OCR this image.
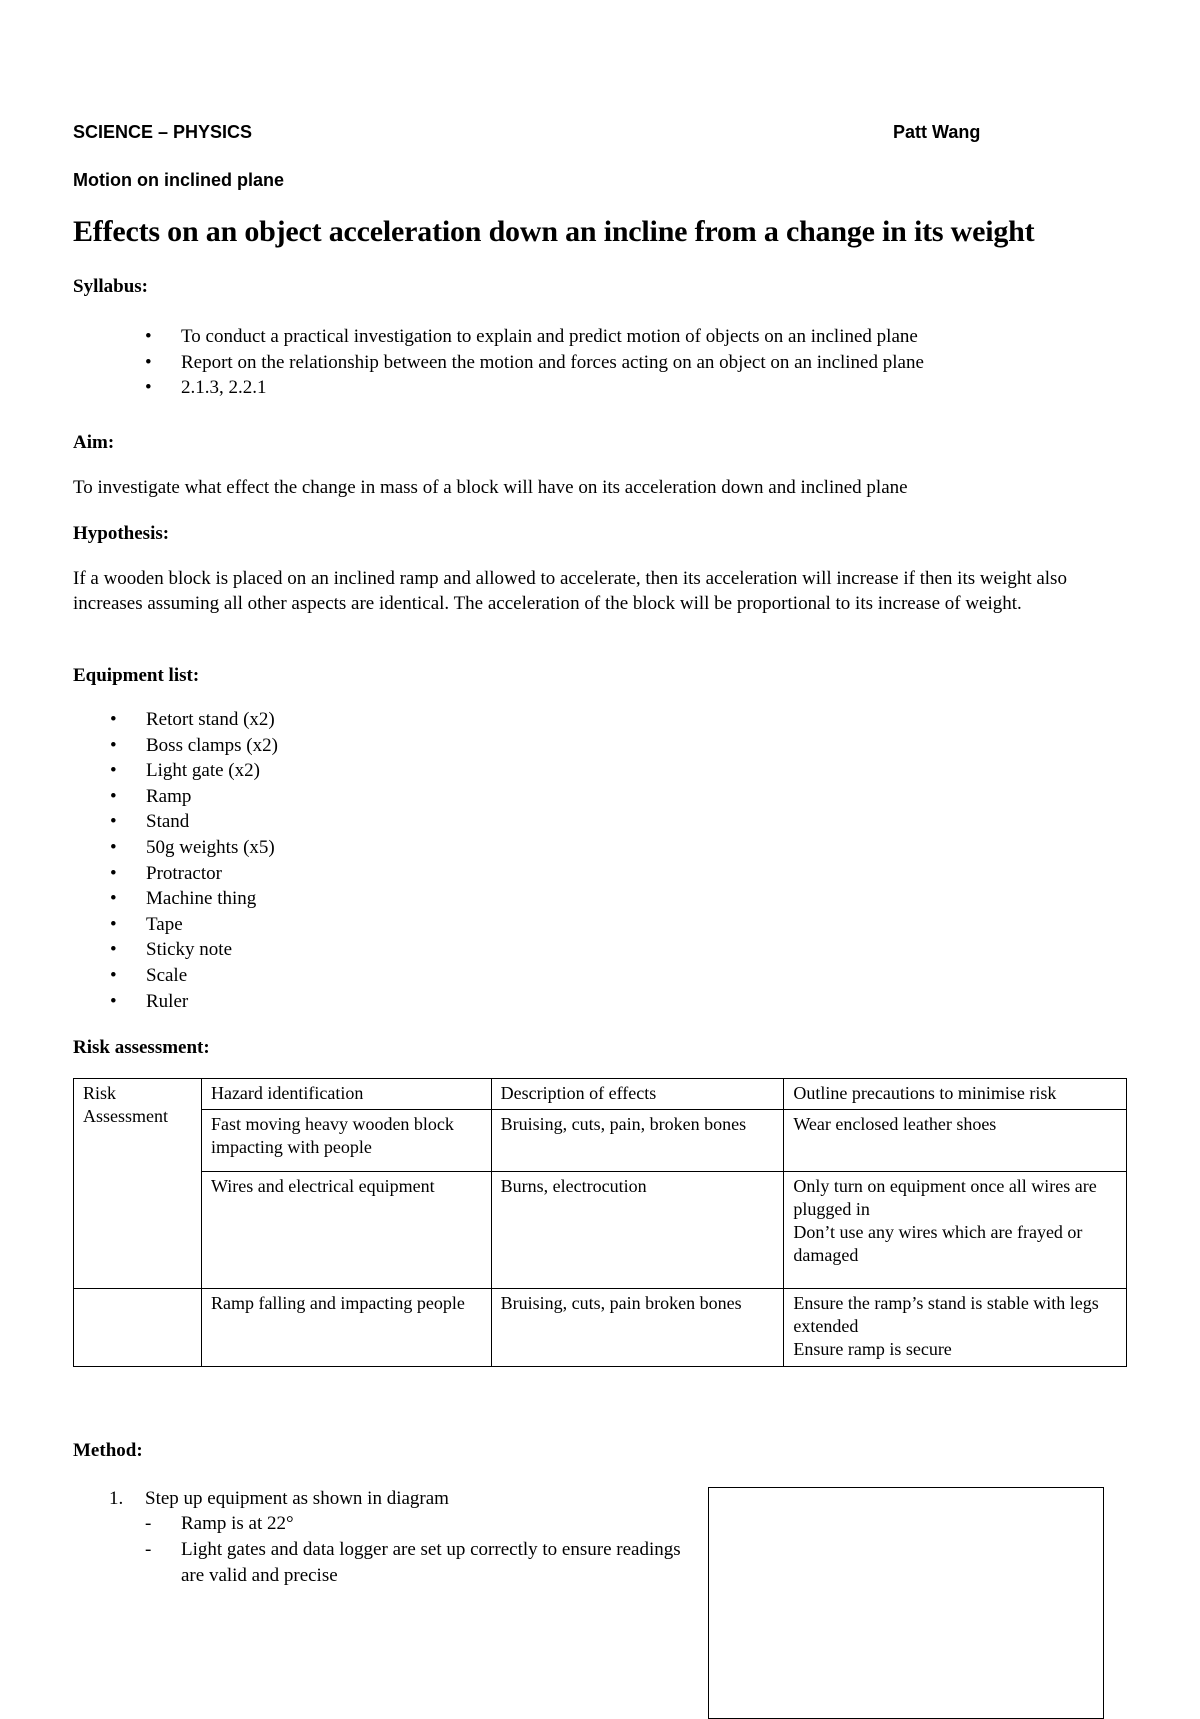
SCIENCE – PHYSICS	Patt Wang
Motion on inclined plane
Effects on an object acceleration down an incline from a change in its weight
Syllabus:
• To conduct a practical investigation to explain and predict motion of objects on an inclined plane
• Report on the relationship between the motion and forces acting on an object on an inclined plane
• 2.1.3, 2.2.1
Aim:
To investigate what effect the change in mass of a block will have on its acceleration down and inclined plane
Hypothesis:
If a wooden block is placed on an inclined ramp and allowed to accelerate, then its acceleration will increase if then its weight also increases assuming all other aspects are identical. The acceleration of the block will be proportional to its increase of weight.
Equipment list:
• Retort stand (x2)
• Boss clamps (x2)
• Light gate (x2)
• Ramp
• Stand
• 50g weights (x5)
• Protractor
• Machine thing
• Tape
• Sticky note
• Scale
• Ruler
Risk assessment:
Risk Assessment	Hazard identification	Description of effects	Outline precautions to minimise risk
	Fast moving heavy wooden block impacting with people	Bruising, cuts, pain, broken bones	Wear enclosed leather shoes

	Wires and electrical equipment	Burns, electrocution	Only turn on equipment once all wires are plugged in
Don’t use any wires which are frayed or damaged

	Ramp falling and impacting people	Bruising, cuts, pain broken bones	Ensure the ramp’s stand is stable with legs extended
Ensure ramp is secure
Method:
1. Step up equipment as shown in diagram
- Ramp is at 22°
- Light gates and data logger are set up correctly to ensure readings are valid and precise
